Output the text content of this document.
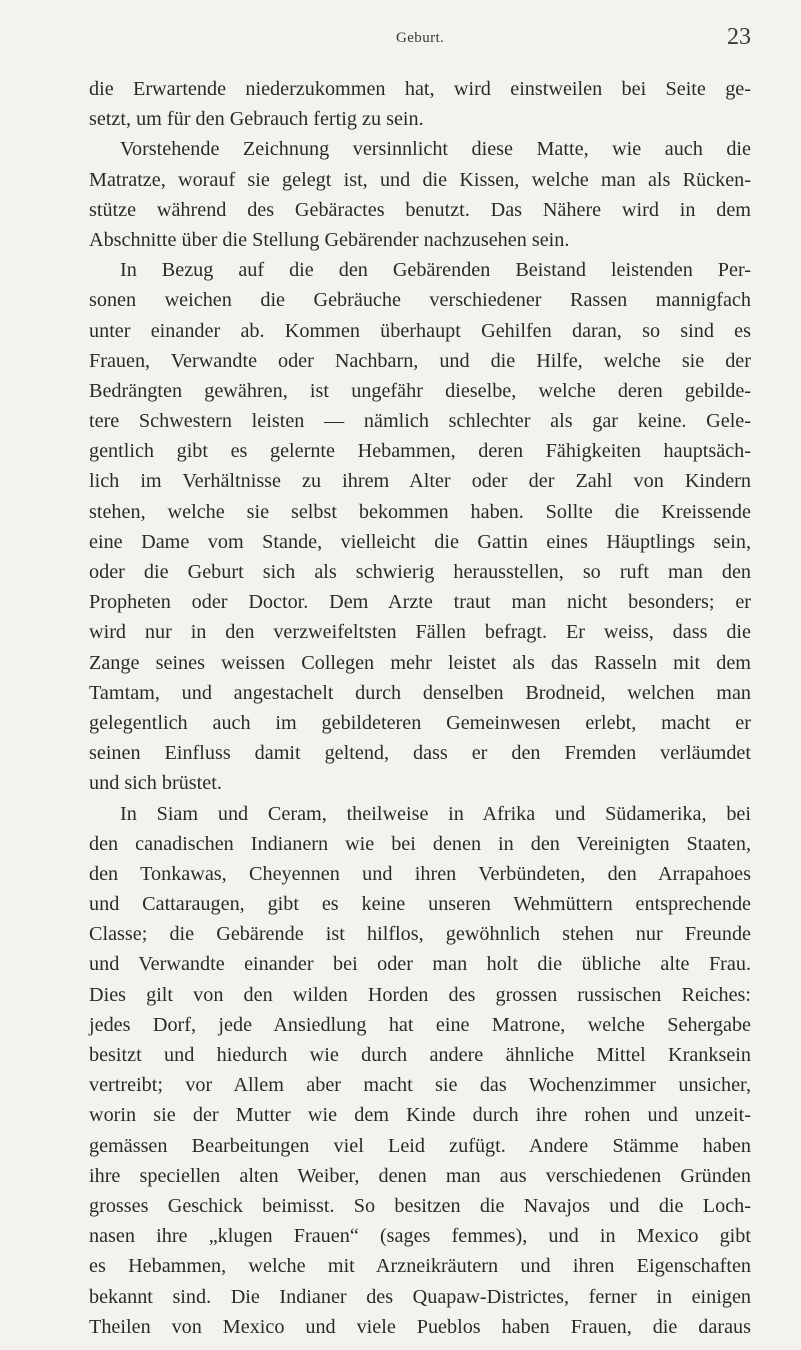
Geburt.	23
die Erwartende niederzukommen hat, wird einstweilen bei Seite ge-
setzt, um für den Gebrauch fertig zu sein.
Vorstehende Zeichnung versinnlicht diese Matte, wie auch die
Matratze, worauf sie gelegt ist, und die Kissen, welche man als Rücken-
stütze während des Gebäractes benutzt. Das Nähere wird in dem
Abschnitte über die Stellung Gebärender nachzusehen sein.
In Bezug auf die den Gebärenden Beistand leistenden Per-
sonen weichen die Gebräuche verschiedener Rassen mannigfach
unter einander ab. Kommen überhaupt Gehilfen daran, so sind es
Frauen, Verwandte oder Nachbarn, und die Hilfe, welche sie der
Bedrängten gewähren, ist ungefähr dieselbe, welche deren gebilde-
tere Schwestern leisten — nämlich schlechter als gar keine. Gele-
gentlich gibt es gelernte Hebammen, deren Fähigkeiten hauptsäch-
lich im Verhältnisse zu ihrem Alter oder der Zahl von Kindern
stehen, welche sie selbst bekommen haben. Sollte die Kreissende
eine Dame vom Stande, vielleicht die Gattin eines Häuptlings sein,
oder die Geburt sich als schwierig herausstellen, so ruft man den
Propheten oder Doctor. Dem Arzte traut man nicht besonders; er
wird nur in den verzweifeltsten Fällen befragt. Er weiss, dass die
Zange seines weissen Collegen mehr leistet als das Rasseln mit dem
Tamtam, und angestachelt durch denselben Brodneid, welchen man
gelegentlich auch im gebildeteren Gemeinwesen erlebt, macht er
seinen Einfluss damit geltend, dass er den Fremden verläumdet
und sich brüstet.
In Siam und Ceram, theilweise in Afrika und Südamerika, bei
den canadischen Indianern wie bei denen in den Vereinigten Staaten,
den Tonkawas, Cheyennen und ihren Verbündeten, den Arrapahoes
und Cattaraugen, gibt es keine unseren Wehmüttern entsprechende
Classe; die Gebärende ist hilflos, gewöhnlich stehen nur Freunde
und Verwandte einander bei oder man holt die übliche alte Frau.
Dies gilt von den wilden Horden des grossen russischen Reiches:
jedes Dorf, jede Ansiedlung hat eine Matrone, welche Sehergabe
besitzt und hiedurch wie durch andere ähnliche Mittel Kranksein
vertreibt; vor Allem aber macht sie das Wochenzimmer unsicher,
worin sie der Mutter wie dem Kinde durch ihre rohen und unzeit-
gemässen Bearbeitungen viel Leid zufügt. Andere Stämme haben
ihre speciellen alten Weiber, denen man aus verschiedenen Gründen
grosses Geschick beimisst. So besitzen die Navajos und die Loch-
nasen ihre „klugen Frauen“ (sages femmes), und in Mexico gibt
es Hebammen, welche mit Arzneikräutern und ihren Eigenschaften
bekannt sind. Die Indianer des Quapaw-Districtes, ferner in einigen
Theilen von Mexico und viele Pueblos haben Frauen, die daraus
